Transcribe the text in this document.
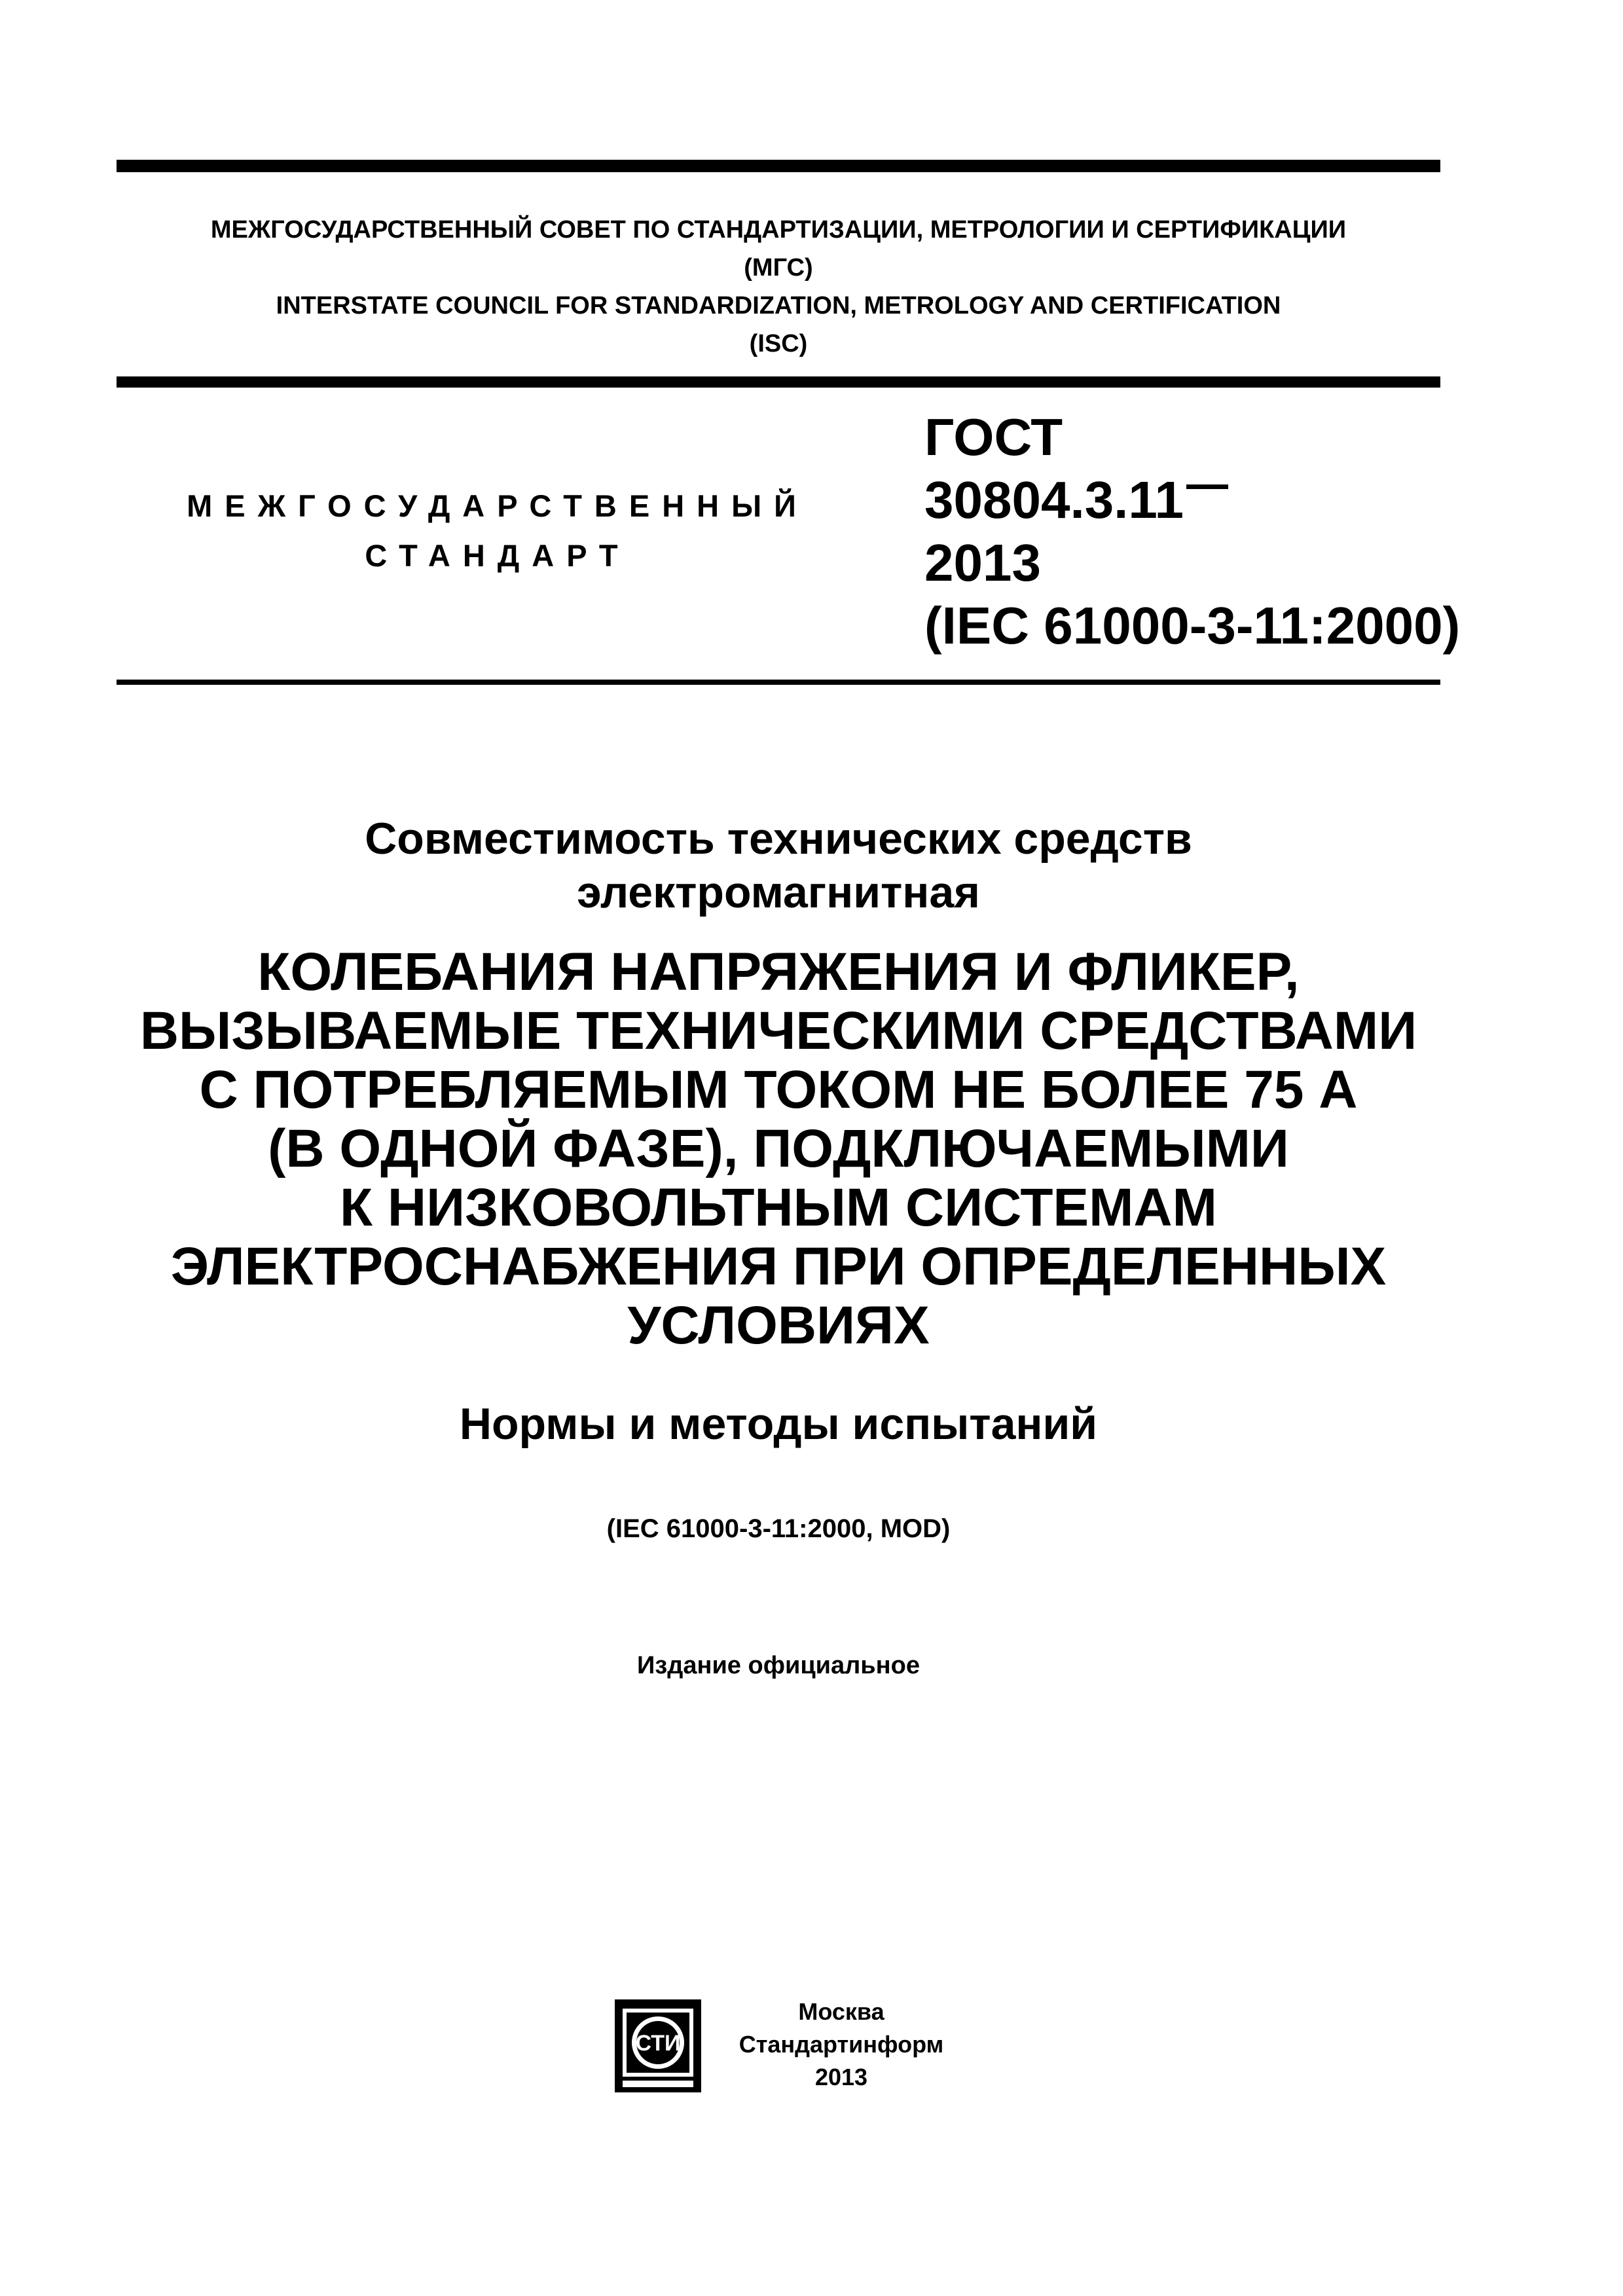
МЕЖГОСУДАРСТВЕННЫЙ СОВЕТ ПО СТАНДАРТИЗАЦИИ, МЕТРОЛОГИИ И СЕРТИФИКАЦИИ
(МГС)
INTERSTATE COUNCIL FOR STANDARDIZATION, METROLOGY AND CERTIFICATION
(ISC)
МЕЖГОСУДАРСТВЕННЫЙ
СТАНДАРТ
ГОСТ
30804.3.11
2013
(IEC 61000-3-11:2000)
Совместимость технических средств
электромагнитная
КОЛЕБАНИЯ НАПРЯЖЕНИЯ И ФЛИКЕР,
ВЫЗЫВАЕМЫЕ ТЕХНИЧЕСКИМИ СРЕДСТВАМИ
С ПОТРЕБЛЯЕМЫМ ТОКОМ НЕ БОЛЕЕ 75 А
(В ОДНОЙ ФАЗЕ), ПОДКЛЮЧАЕМЫМИ
К НИЗКОВОЛЬТНЫМ СИСТЕМАМ
ЭЛЕКТРОСНАБЖЕНИЯ ПРИ ОПРЕДЕЛЕННЫХ
УСЛОВИЯХ
Нормы и методы испытаний
(IEC 61000-3-11:2000, MOD)
Издание официальное
СТИ
Москва
Стандартинформ
2013
